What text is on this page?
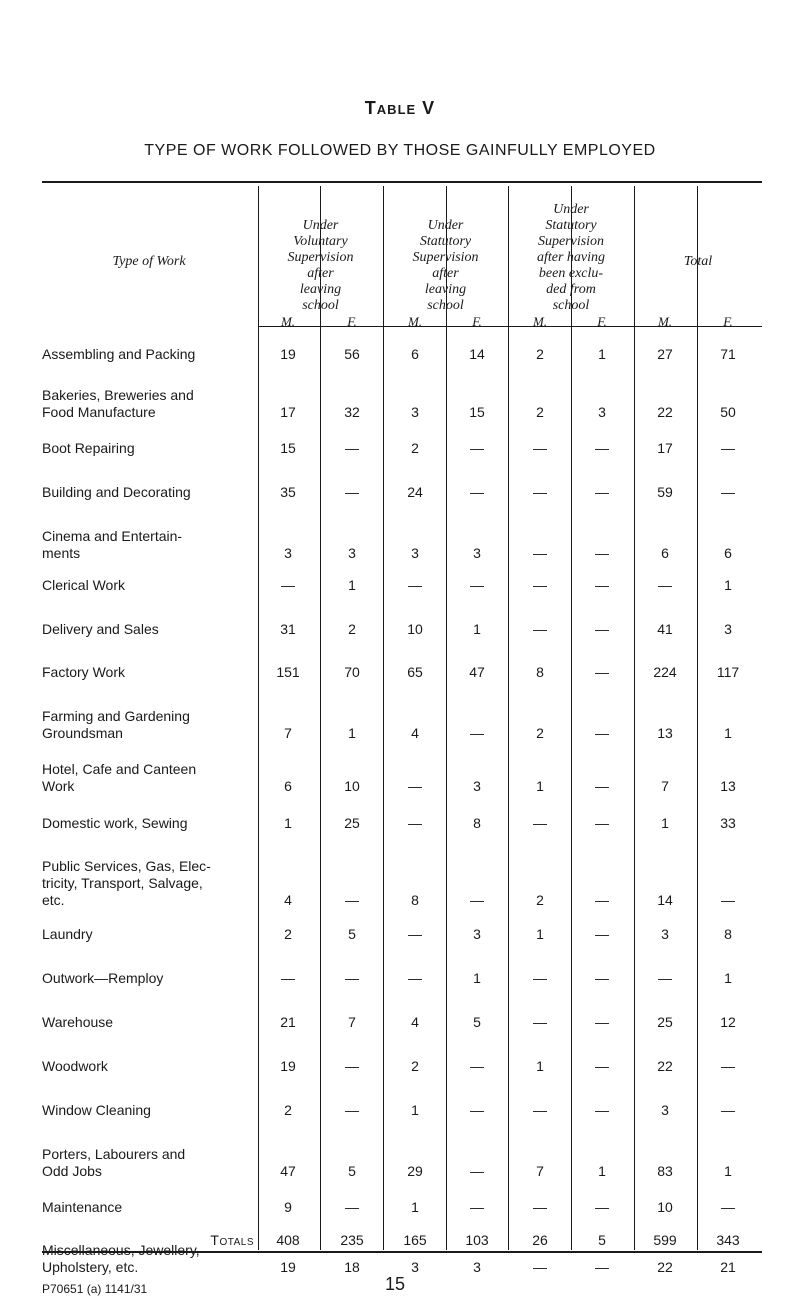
Table V
TYPE OF WORK FOLLOWED BY THOSE GAINFULLY EMPLOYED
Type of Work
Under
Voluntary
Supervision
after
leaving
school
Under
Statutory
Supervision
after
leaving
school
Under
Statutory
Supervision
after having
been exclu-
ded from
school
Total
M.	F.	M.	F.	M.	F.	M.	F.
Assembling and Packing	19	56	6	14	2	1	27	71
Bakeries, Breweries and
Food Manufacture	17	32	3	15	2	3	22	50
Boot Repairing	15	—	2	—	—	—	17	—
Building and Decorating	35	—	24	—	—	—	59	—
Cinema and Entertain-
ments	3	3	3	3	—	—	6	6
Clerical Work	—	1	—	—	—	—	—	1
Delivery and Sales	31	2	10	1	—	—	41	3
Factory Work	151	70	65	47	8	—	224	117
Farming and Gardening
Groundsman	7	1	4	—	2	—	13	1
Hotel, Cafe and Canteen
Work	6	10	—	3	1	—	7	13
Domestic work, Sewing	1	25	—	8	—	—	1	33
Public Services, Gas, Elec-
tricity, Transport, Salvage,
etc.	4	—	8	—	2	—	14	—
Laundry	2	5	—	3	1	—	3	8
Outwork—Remploy	—	—	—	1	—	—	—	1
Warehouse	21	7	4	5	—	—	25	12
Woodwork	19	—	2	—	1	—	22	—
Window Cleaning	2	—	1	—	—	—	3	—
Porters, Labourers and
Odd Jobs	47	5	29	—	7	1	83	1
Maintenance	9	—	1	—	—	—	10	—
Miscellaneous, Jewellery,
Upholstery, etc.	19	18	3	3	—	—	22	21
Totals	408	235	165	103	26	5	599	343
P70651 (a) 1141/31	15
